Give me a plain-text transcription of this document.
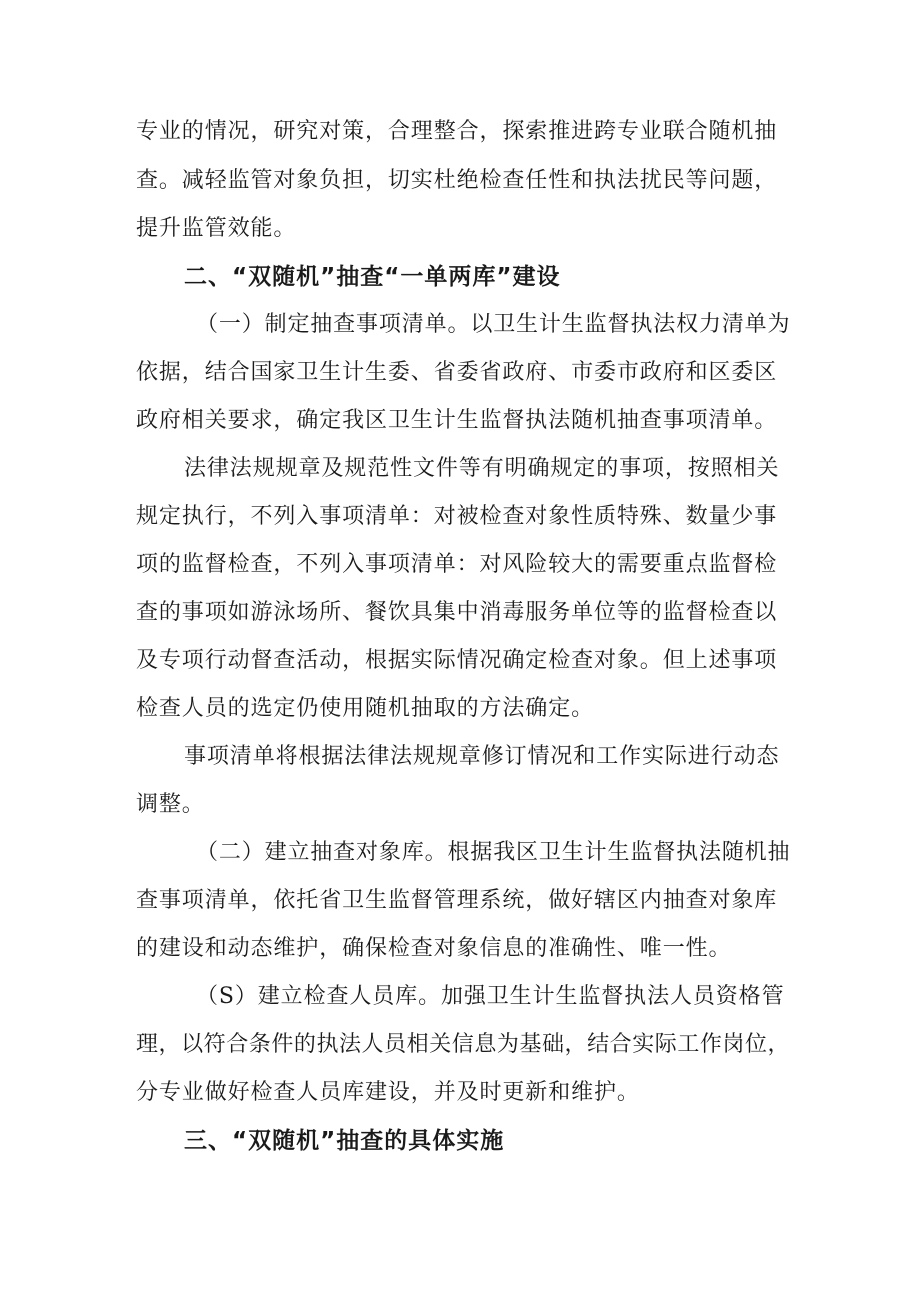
专业的情况，研究对策，合理整合，探索推进跨专业联合随机抽

查。减轻监管对象负担，切实杜绝检查任性和执法扰民等问题，

提升监管效能。

二、“双随机”抽查“一单两库”建设

（一）制定抽查事项清单。以卫生计生监督执法权力清单为

依据，结合国家卫生计生委、省委省政府、市委市政府和区委区

政府相关要求，确定我区卫生计生监督执法随机抽查事项清单。

法律法规规章及规范性文件等有明确规定的事项，按照相关

规定执行，不列入事项清单：对被检查对象性质特殊、数量少事

项的监督检查，不列入事项清单：对风险较大的需要重点监督检

查的事项如游泳场所、餐饮具集中消毒服务单位等的监督检查以

及专项行动督查活动，根据实际情况确定检查对象。但上述事项

检查人员的选定仍使用随机抽取的方法确定。

事项清单将根据法律法规规章修订情况和工作实际进行动态

调整。

（二）建立抽查对象库。根据我区卫生计生监督执法随机抽

查事项清单，依托省卫生监督管理系统，做好辖区内抽查对象库

的建设和动态维护，确保检查对象信息的准确性、唯一性。

（S）建立检查人员库。加强卫生计生监督执法人员资格管

理，以符合条件的执法人员相关信息为基础，结合实际工作岗位，

分专业做好检查人员库建设，并及时更新和维护。

三、“双随机”抽查的具体实施
